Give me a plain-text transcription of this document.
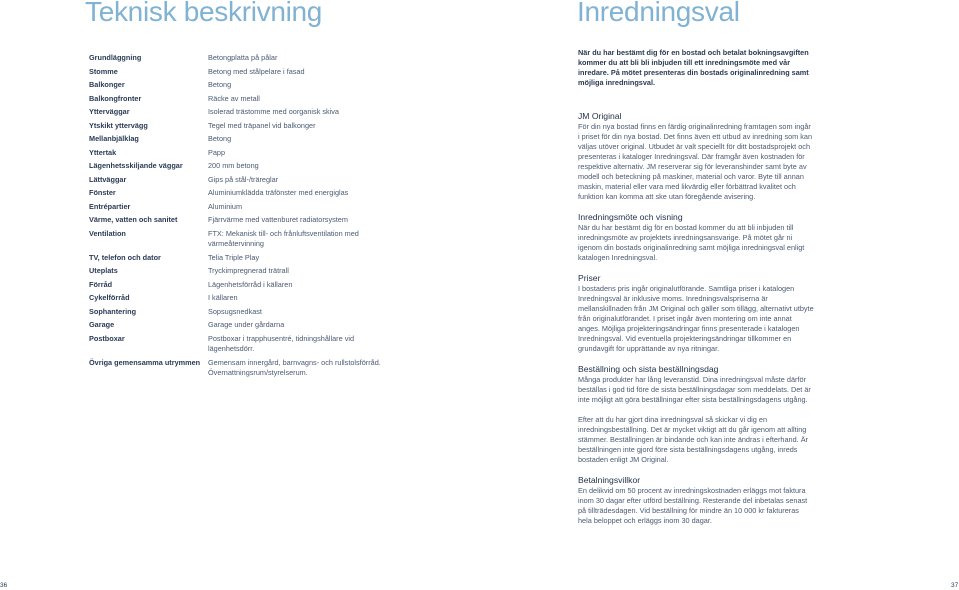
Teknisk beskrivning	Inredningsval
Grundläggning	Betongplatta på pålar
Stomme	Betong med stålpelare i fasad
Balkonger	Betong
Balkongfronter	Räcke av metall
Ytterväggar	Isolerad trästomme med oorganisk skiva
Ytskikt yttervägg	Tegel med träpanel vid balkonger
Mellanbjälklag	Betong
Yttertak	Papp
Lägenhetsskiljande väggar	200 mm betong
Lättväggar	Gips på stål-/träreglar
Fönster	Aluminiumklädda träfönster med energiglas
Entrépartier	Aluminium
Värme, vatten och sanitet	Fjärrvärme med vattenburet radiatorsystem
Ventilation	FTX: Mekanisk till- och frånluftsventilation med värmeåtervinning
TV, telefon och dator	Telia Triple Play
Uteplats	Tryckimpregnerad trätrall
Förråd	Lägenhetsförråd i källaren
Cykelförråd	I källaren
Sophantering	Sopsugsnedkast
Garage	Garage under gårdarna
Postboxar	Postboxar i trapphusentré, tidningshållare vid lägenhetsdörr.
Övriga gemensamma utrymmen	Gemensam innergård, barnvagns- och rullstolsförråd. Övernattningsrum/styrelserum.

När du har bestämt dig för en bostad och betalat bokningsavgiften kommer du att bli bli inbjuden till ett inredningsmöte med vår inredare. På mötet presenteras din bostads originalinredning samt möjliga inredningsval.

JM Original

För din nya bostad finns en färdig originalinredning framtagen som ingår i priset för din nya bostad. Det finns även ett utbud av inredning som kan väljas utöver original. Utbudet är valt speciellt för ditt bostadsprojekt och presenteras i kataloger Inredningsval. Där framgår även kostnaden för respektive alternativ. JM reserverar sig för leveranshinder samt byte av modell och beteckning på maskiner, material och varor. Byte till annan maskin, material eller vara med likvärdig eller förbättrad kvalitet och funktion kan komma att ske utan föregående avisering.

Inredningsmöte och visning

När du har bestämt dig för en bostad kommer du att bli inbjuden till inredningsmöte av projektets inredningsansvarige. På mötet går ni igenom din bostads originalinredning samt möjliga inredningsval enligt katalogen Inredningsval.

Priser

I bostadens pris ingår originalutförande. Samtliga priser i katalogen Inredningsval är inklusive moms. Inredningsvalspriserna är mellanskillnaden från JM Original och gäller som tillägg, alternativt utbyte från originalutförandet. I priset ingår även montering om inte annat anges. Möjliga projekteringsändringar finns presenterade i katalogen Inredningsval. Vid eventuella projekteringsändringar tillkommer en grundavgift för upprättande av nya ritningar.

Beställning och sista beställningsdag

Många produkter har lång leveranstid. Dina inredningsval måste därför beställas i god tid före de sista beställningsdagar som meddelats. Det är inte möjligt att göra beställningar efter sista beställningsdagens utgång.

Efter att du har gjort dina inredningsval så skickar vi dig en inredningsbeställning. Det är mycket viktigt att du går igenom att allting stämmer. Beställningen är bindande och kan inte ändras i efterhand. Är beställningen inte gjord före sista beställningsdagens utgång, inreds bostaden enligt JM Original.

Betalningsvillkor

En delikvid om 50 procent av inredningskostnaden erläggs mot faktura inom 30 dagar efter utförd beställning. Resterande del inbetalas senast på tillträdesdagen. Vid beställning för mindre än 10 000 kr faktureras hela beloppet och erläggs inom 30 dagar.

36	37
